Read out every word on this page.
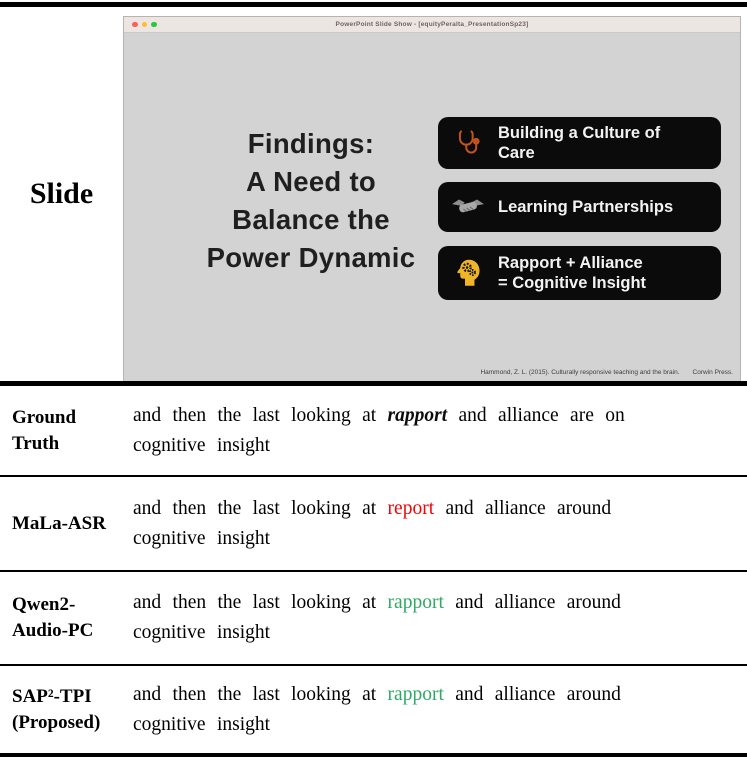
Slide
PowerPoint Slide Show - [equityPeralta_PresentationSp23]
Findings:
A Need to
Balance the
Power Dynamic
Building a Culture of
Care
Learning Partnerships
Rapport + Alliance
= Cognitive Insight
Hammond, Z. L. (2015). Culturally responsive teaching and the brain. Corwin Press.
Ground
Truth
and then the last looking at rapport and alliance are on
cognitive insight
MaLa-ASR
and then the last looking at report and alliance around
cognitive insight
Qwen2-
Audio-PC
and then the last looking at rapport and alliance around
cognitive insight
SAP²-TPI
(Proposed)
and then the last looking at rapport and alliance around
cognitive insight
